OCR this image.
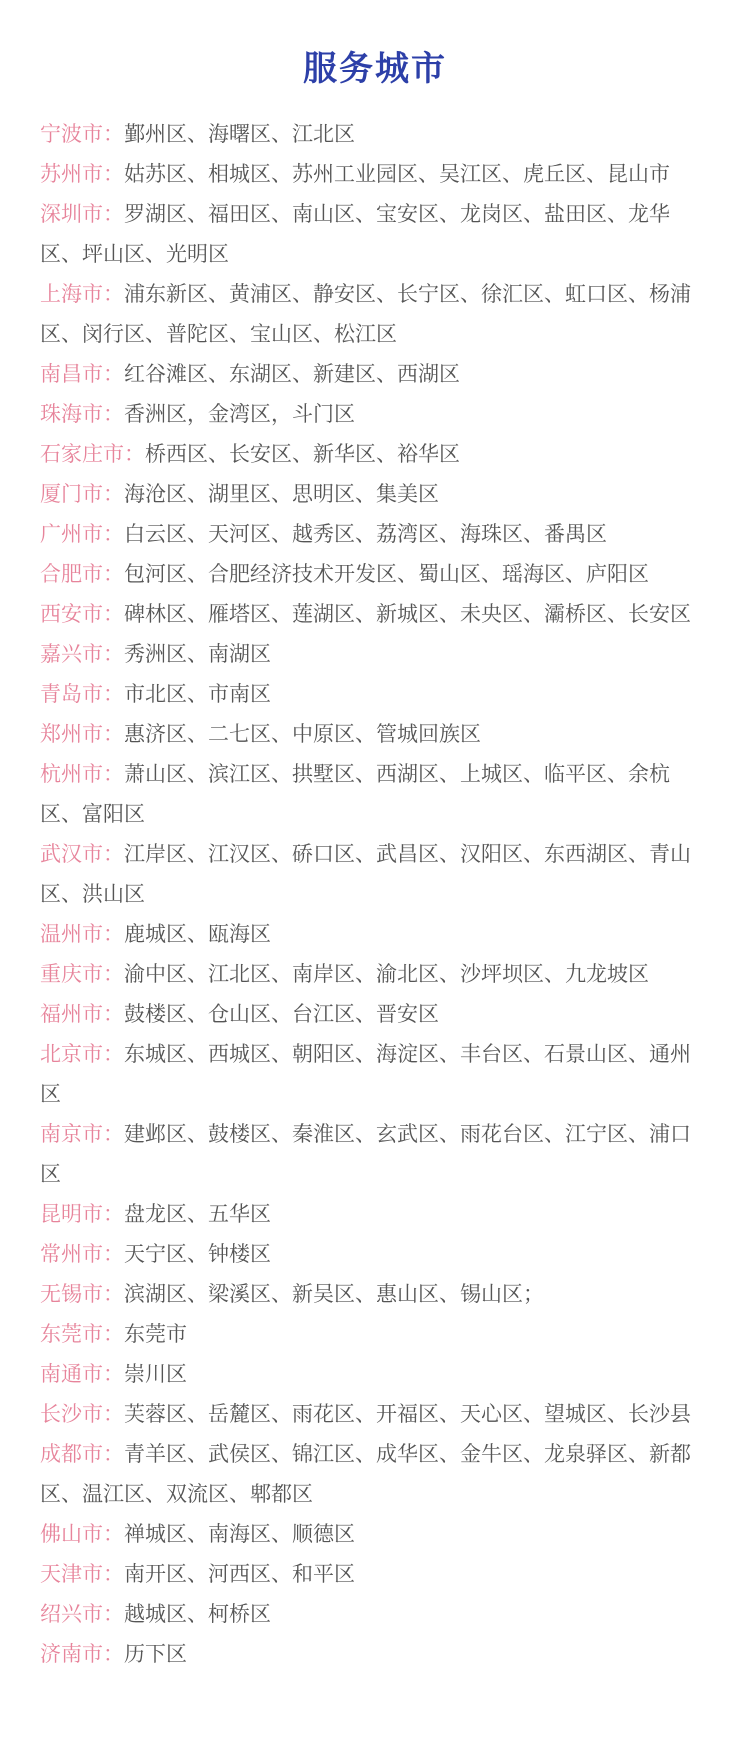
服务城市
宁波市：鄞州区、海曙区、江北区
苏州市：姑苏区、相城区、苏州工业园区、吴江区、虎丘区、昆山市
深圳市：罗湖区、福田区、南山区、宝安区、龙岗区、盐田区、龙华区、坪山区、光明区
上海市：浦东新区、黄浦区、静安区、长宁区、徐汇区、虹口区、杨浦区、闵行区、普陀区、宝山区、松江区
南昌市：红谷滩区、东湖区、新建区、西湖区
珠海市：香洲区，金湾区，斗门区
石家庄市：桥西区、长安区、新华区、裕华区
厦门市：海沧区、湖里区、思明区、集美区
广州市：白云区、天河区、越秀区、荔湾区、海珠区、番禺区
合肥市：包河区、合肥经济技术开发区、蜀山区、瑶海区、庐阳区
西安市：碑林区、雁塔区、莲湖区、新城区、未央区、灞桥区、长安区
嘉兴市：秀洲区、南湖区
青岛市：市北区、市南区
郑州市：惠济区、二七区、中原区、管城回族区
杭州市：萧山区、滨江区、拱墅区、西湖区、上城区、临平区、余杭区、富阳区
武汉市：江岸区、江汉区、硚口区、武昌区、汉阳区、东西湖区、青山区、洪山区
温州市：鹿城区、瓯海区
重庆市：渝中区、江北区、南岸区、渝北区、沙坪坝区、九龙坡区
福州市：鼓楼区、仓山区、台江区、晋安区
北京市：东城区、西城区、朝阳区、海淀区、丰台区、石景山区、通州区
南京市：建邺区、鼓楼区、秦淮区、玄武区、雨花台区、江宁区、浦口区
昆明市：盘龙区、五华区
常州市：天宁区、钟楼区
无锡市：滨湖区、梁溪区、新吴区、惠山区、锡山区；
东莞市：东莞市
南通市：崇川区
长沙市：芙蓉区、岳麓区、雨花区、开福区、天心区、望城区、长沙县
成都市：青羊区、武侯区、锦江区、成华区、金牛区、龙泉驿区、新都区、温江区、双流区、郫都区
佛山市：禅城区、南海区、顺德区
天津市：南开区、河西区、和平区
绍兴市：越城区、柯桥区
济南市：历下区
